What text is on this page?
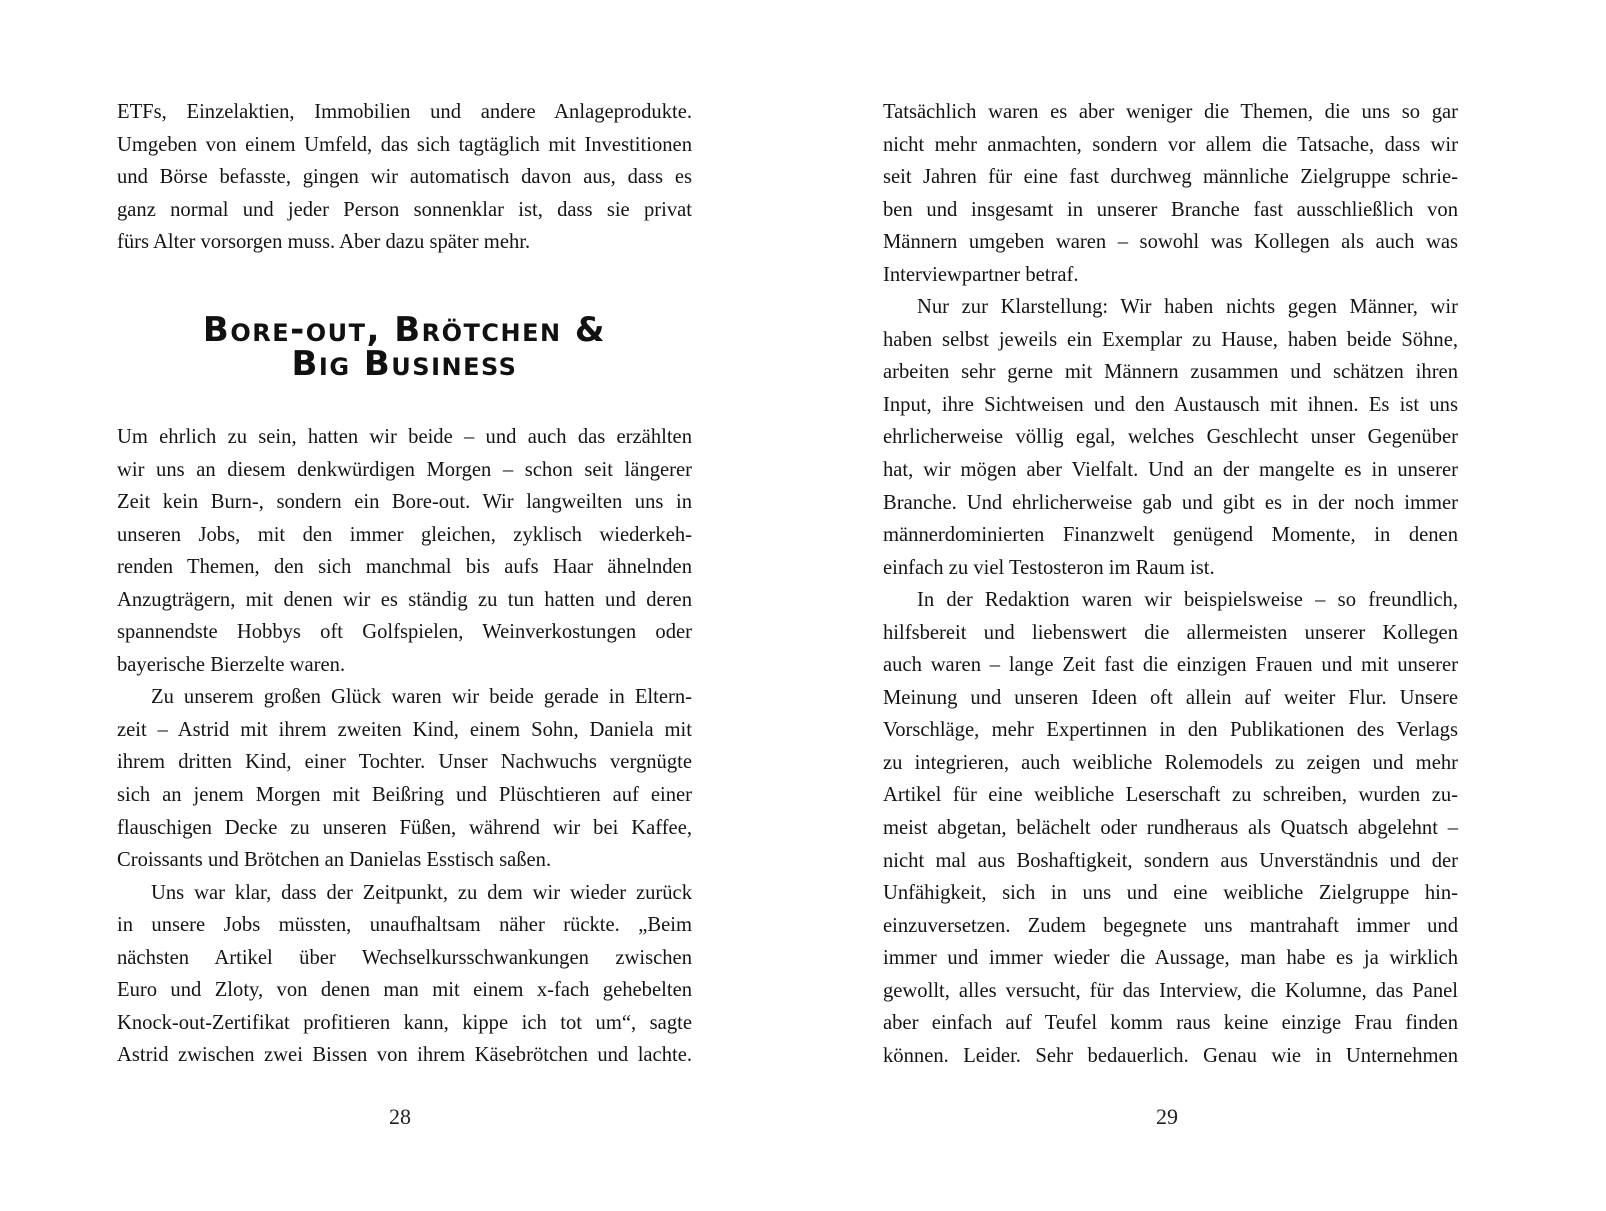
ETFs, Einzelaktien, Immobilien und andere Anlageprodukte.
Umgeben von einem Umfeld, das sich tagtäglich mit Investitionen
und Börse befasste, gingen wir automatisch davon aus, dass es
ganz normal und jeder Person sonnenklar ist, dass sie privat
fürs Alter vorsorgen muss. Aber dazu später mehr.
Bore-out, Brötchen &
Big Business
Um ehrlich zu sein, hatten wir beide – und auch das erzählten
wir uns an diesem denkwürdigen Morgen – schon seit längerer
Zeit kein Burn-, sondern ein Bore-out. Wir langweilten uns in
unseren Jobs, mit den immer gleichen, zyklisch wiederkeh-
renden Themen, den sich manchmal bis aufs Haar ähnelnden
Anzugträgern, mit denen wir es ständig zu tun hatten und deren
spannendste Hobbys oft Golfspielen, Weinverkostungen oder
bayerische Bierzelte waren.
Zu unserem großen Glück waren wir beide gerade in Eltern-
zeit – Astrid mit ihrem zweiten Kind, einem Sohn, Daniela mit
ihrem dritten Kind, einer Tochter. Unser Nachwuchs vergnügte
sich an jenem Morgen mit Beißring und Plüschtieren auf einer
flauschigen Decke zu unseren Füßen, während wir bei Kaffee,
Croissants und Brötchen an Danielas Esstisch saßen.
Uns war klar, dass der Zeitpunkt, zu dem wir wieder zurück
in unsere Jobs müssten, unaufhaltsam näher rückte. „Beim
nächsten Artikel über Wechselkursschwankungen zwischen
Euro und Zloty, von denen man mit einem x-fach gehebelten
Knock-out-Zertifikat profitieren kann, kippe ich tot um“, sagte
Astrid zwischen zwei Bissen von ihrem Käsebrötchen und lachte.
28
Tatsächlich waren es aber weniger die Themen, die uns so gar
nicht mehr anmachten, sondern vor allem die Tatsache, dass wir
seit Jahren für eine fast durchweg männliche Zielgruppe schrie-
ben und insgesamt in unserer Branche fast ausschließlich von
Männern umgeben waren – sowohl was Kollegen als auch was
Interviewpartner betraf.
Nur zur Klarstellung: Wir haben nichts gegen Männer, wir
haben selbst jeweils ein Exemplar zu Hause, haben beide Söhne,
arbeiten sehr gerne mit Männern zusammen und schätzen ihren
Input, ihre Sichtweisen und den Austausch mit ihnen. Es ist uns
ehrlicherweise völlig egal, welches Geschlecht unser Gegenüber
hat, wir mögen aber Vielfalt. Und an der mangelte es in unserer
Branche. Und ehrlicherweise gab und gibt es in der noch immer
männerdominierten Finanzwelt genügend Momente, in denen
einfach zu viel Testosteron im Raum ist.
In der Redaktion waren wir beispielsweise – so freundlich,
hilfsbereit und liebenswert die allermeisten unserer Kollegen
auch waren – lange Zeit fast die einzigen Frauen und mit unserer
Meinung und unseren Ideen oft allein auf weiter Flur. Unsere
Vorschläge, mehr Expertinnen in den Publikationen des Verlags
zu integrieren, auch weibliche Rolemodels zu zeigen und mehr
Artikel für eine weibliche Leserschaft zu schreiben, wurden zu-
meist abgetan, belächelt oder rundheraus als Quatsch abgelehnt –
nicht mal aus Boshaftigkeit, sondern aus Unverständnis und der
Unfähigkeit, sich in uns und eine weibliche Zielgruppe hin-
einzuversetzen. Zudem begegnete uns mantrahaft immer und
immer und immer wieder die Aussage, man habe es ja wirklich
gewollt, alles versucht, für das Interview, die Kolumne, das Panel
aber einfach auf Teufel komm raus keine einzige Frau finden
können. Leider. Sehr bedauerlich. Genau wie in Unternehmen
29
